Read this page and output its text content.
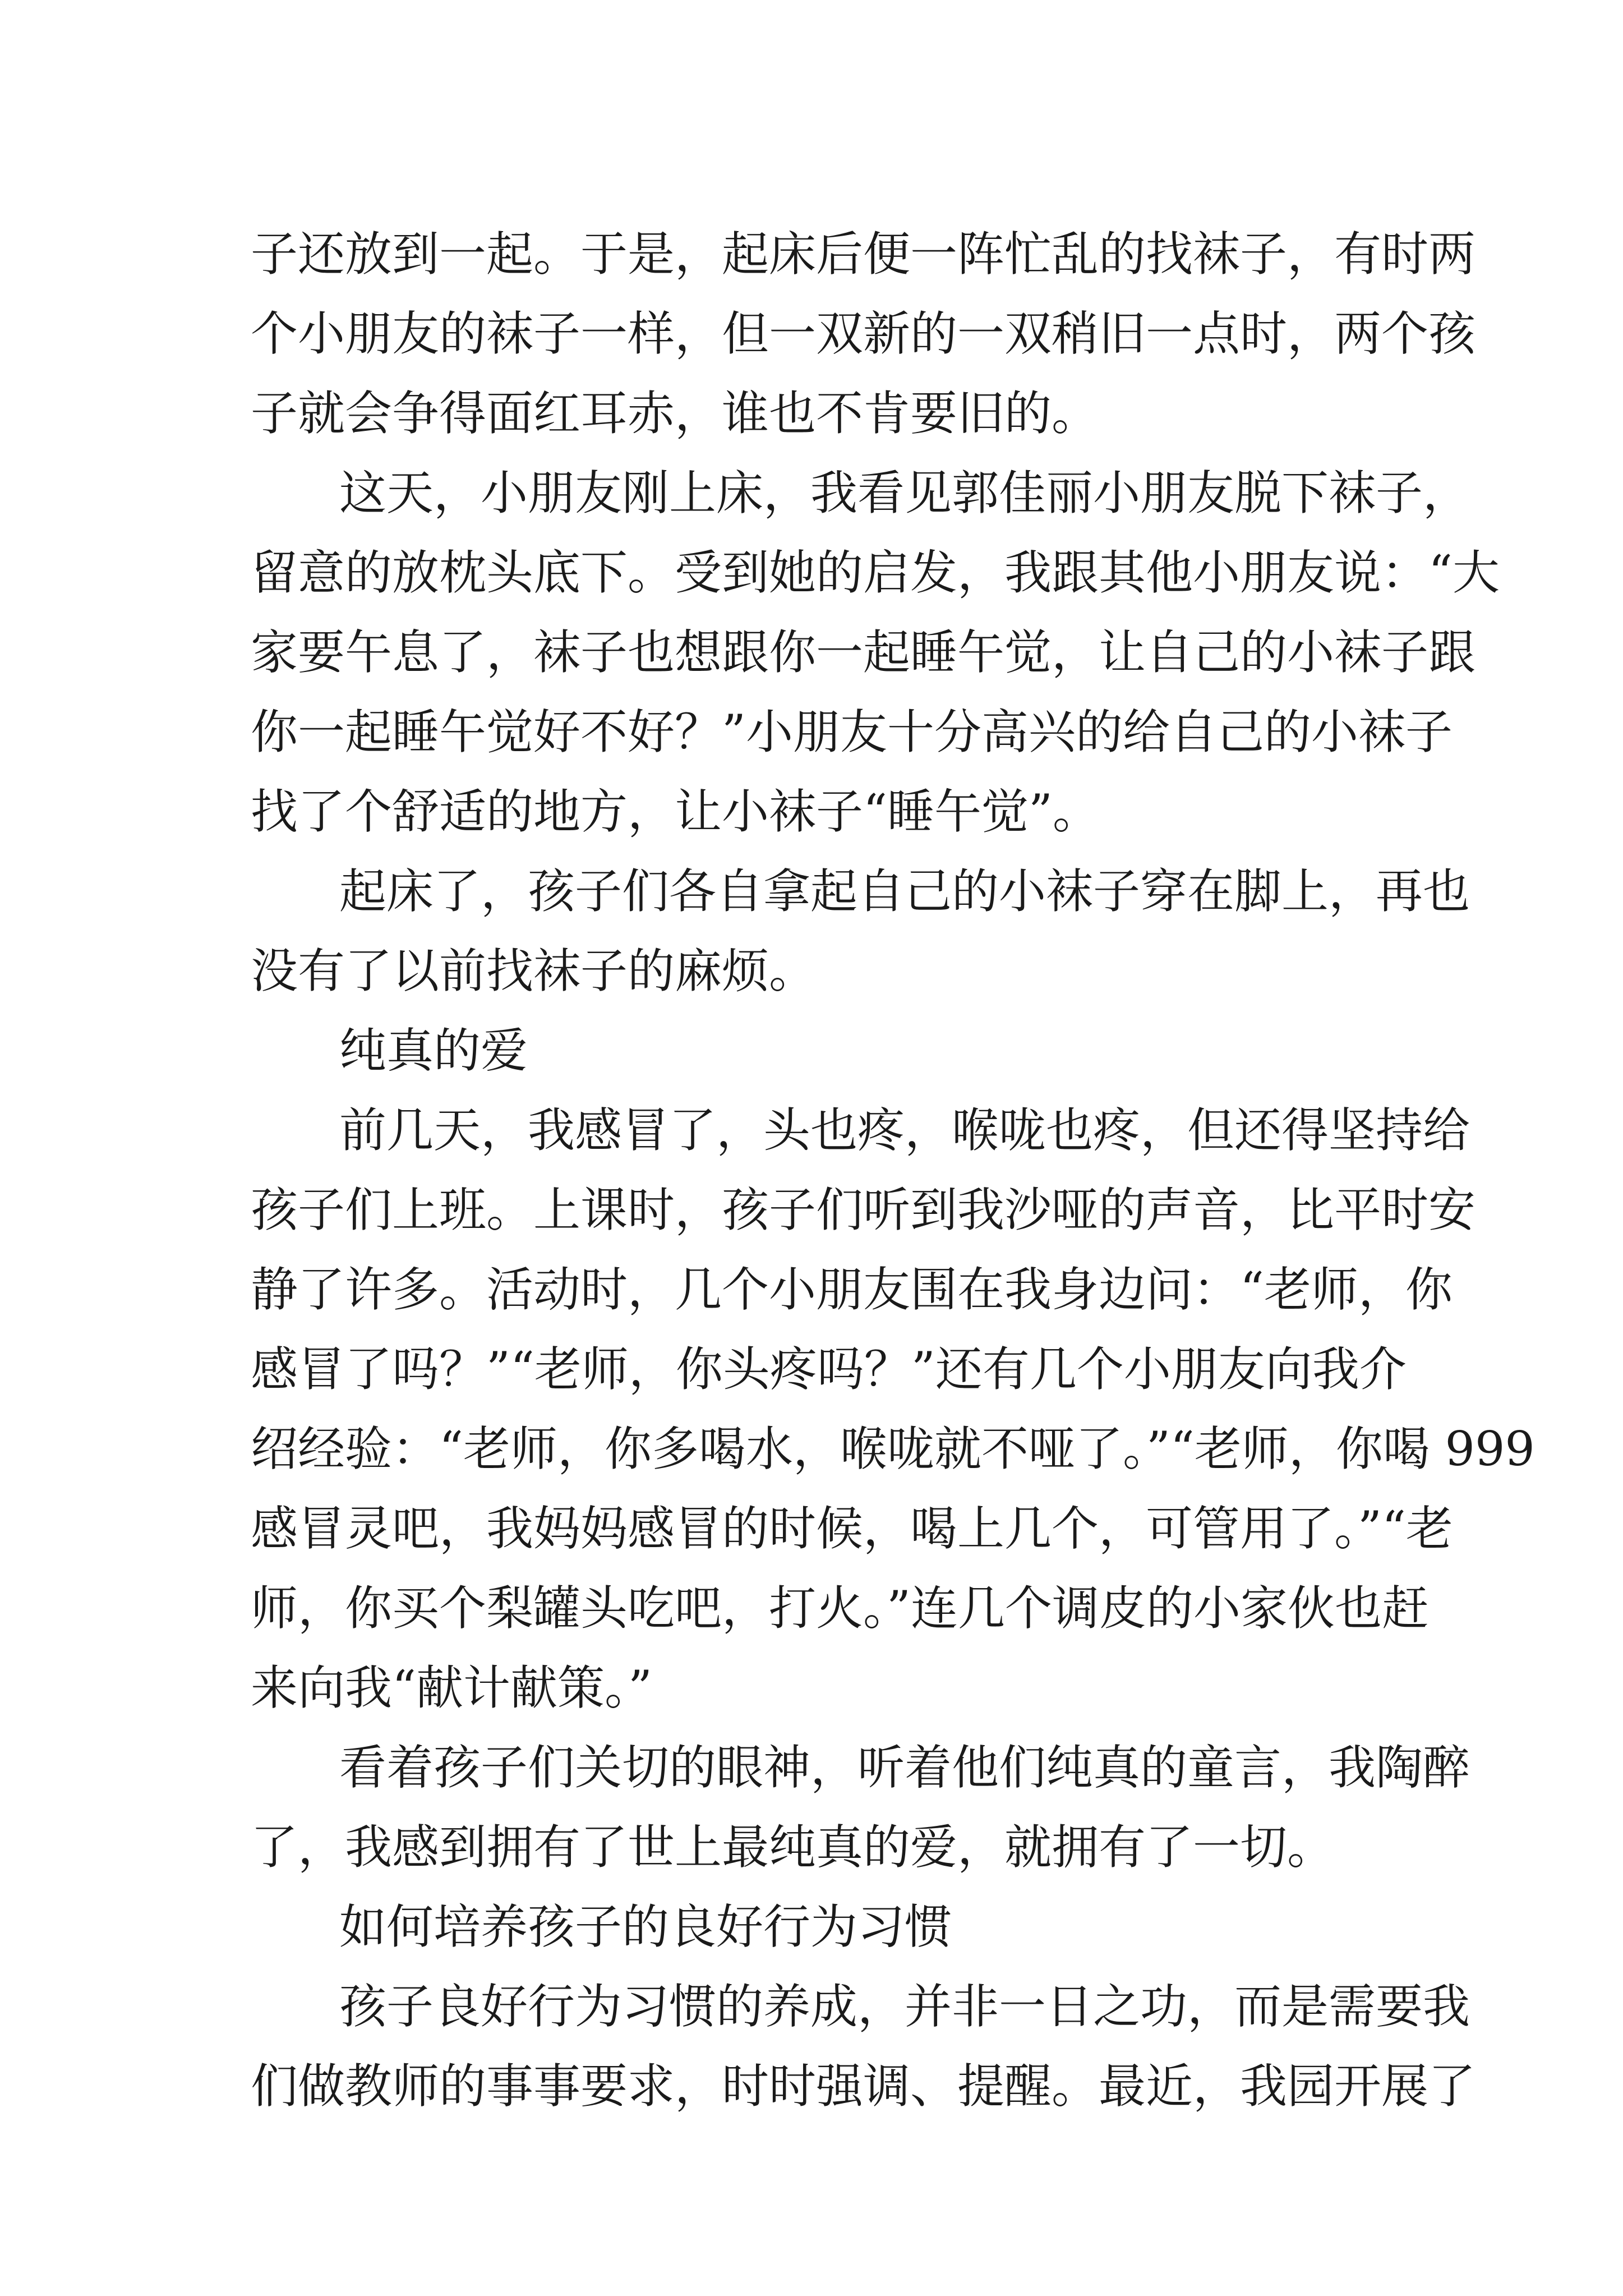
子还放到一起。于是，起床后便一阵忙乱的找袜子，有时两
个小朋友的袜子一样，但一双新的一双稍旧一点时，两个孩
子就会争得面红耳赤，谁也不肯要旧的。
这天，小朋友刚上床，我看见郭佳丽小朋友脱下袜子，
留意的放枕头底下。受到她的启发，我跟其他小朋友说：“大
家要午息了，袜子也想跟你一起睡午觉，让自己的小袜子跟
你一起睡午觉好不好？”小朋友十分高兴的给自己的小袜子
找了个舒适的地方，让小袜子“睡午觉”。
起床了，孩子们各自拿起自己的小袜子穿在脚上，再也
没有了以前找袜子的麻烦。
纯真的爱
前几天，我感冒了，头也疼，喉咙也疼，但还得坚持给
孩子们上班。上课时，孩子们听到我沙哑的声音，比平时安
静了许多。活动时，几个小朋友围在我身边问：“老师，你
感冒了吗？”“老师，你头疼吗？”还有几个小朋友向我介
绍经验：“老师，你多喝水，喉咙就不哑了。”“老师，你喝 999
感冒灵吧，我妈妈感冒的时候，喝上几个，可管用了。”“老
师，你买个梨罐头吃吧，打火。”连几个调皮的小家伙也赶
来向我“献计献策。”
看着孩子们关切的眼神，听着他们纯真的童言，我陶醉
了，我感到拥有了世上最纯真的爱，就拥有了一切。
如何培养孩子的良好行为习惯
孩子良好行为习惯的养成，并非一日之功，而是需要我
们做教师的事事要求，时时强调、提醒。最近，我园开展了
